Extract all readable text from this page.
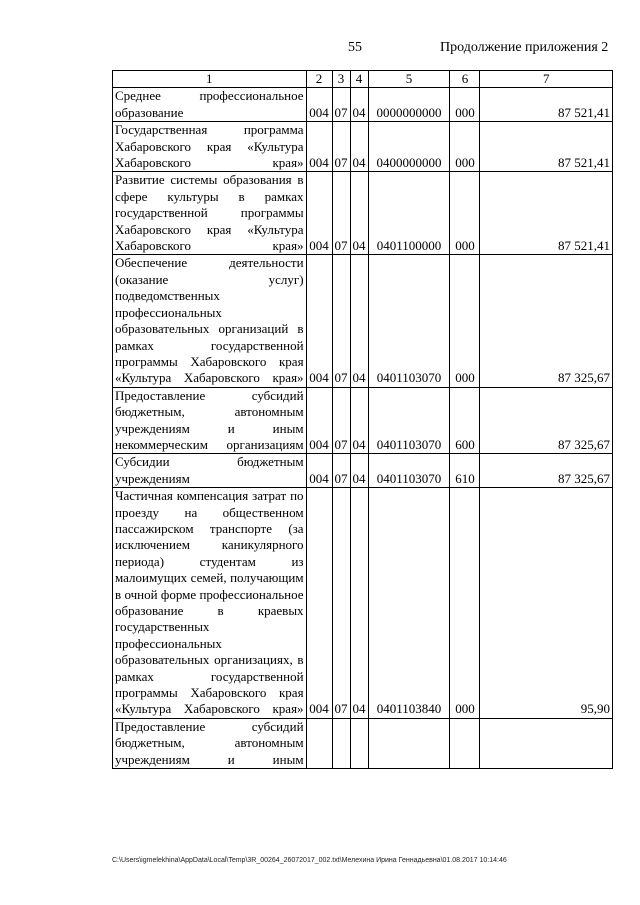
55	Продолжение приложения 2
1	2	3	4	5	6	7
Среднее профессиональное образование	004	07	04	0000000000	000	87 521,41
Государственная программа Хабаровского края «Культура Хабаровского края»	004	07	04	0400000000	000	87 521,41
Развитие системы образования в сфере культуры в рамках государственной программы Хабаровского края «Культура Хабаровского края»	004	07	04	0401100000	000	87 521,41
Обеспечение деятельности (оказание услуг) подведомственных профессиональных образовательных организаций в рамках государственной программы Хабаровского края «Культура Хабаровского края»	004	07	04	0401103070	000	87 325,67
Предоставление субсидий бюджетным, автономным учреждениям и иным некоммерческим организациям	004	07	04	0401103070	600	87 325,67
Субсидии бюджетным учреждениям	004	07	04	0401103070	610	87 325,67
Частичная компенсация затрат по проезду на общественном пассажирском транспорте (за исключением каникулярного периода) студентам из малоимущих семей, получающим в очной форме профессиональное образование в краевых государственных профессиональных образовательных организациях, в рамках государственной программы Хабаровского края «Культура Хабаровского края»	004	07	04	0401103840	000	95,90
Предоставление субсидий бюджетным, автономным учреждениям и иным						
C:\Users\igmelekhina\AppData\Local\Temp\3R_00264_26072017_002.txt\Мелехина Ирина Геннадьевна\01.08.2017 10:14:46
